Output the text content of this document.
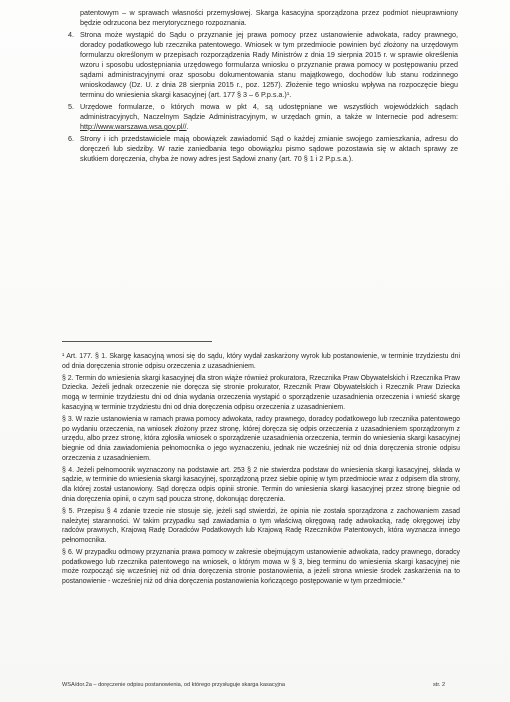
patentowym – w sprawach własności przemysłowej. Skarga kasacyjna sporządzona przez podmiot nieuprawniony będzie odrzucona bez merytorycznego rozpoznania.

4. Strona może wystąpić do Sądu o przyznanie jej prawa pomocy przez ustanowienie adwokata, radcy prawnego, doradcy podatkowego lub rzecznika patentowego. Wniosek w tym przedmiocie powinien być złożony na urzędowym formularzu określonym w przepisach rozporządzenia Rady Ministrów z dnia 19 sierpnia 2015 r. w sprawie określenia wzoru i sposobu udostępniania urzędowego formularza wniosku o przyznanie prawa pomocy w postępowaniu przed sądami administracyjnymi oraz sposobu dokumentowania stanu majątkowego, dochodów lub stanu rodzinnego wnioskodawcy (Dz. U. z dnia 28 sierpnia 2015 r., poz. 1257). Złożenie tego wniosku wpływa na rozpoczęcie biegu terminu do wniesienia skargi kasacyjnej (art. 177 § 3 – 6 P.p.s.a.)¹.

5. Urzędowe formularze, o których mowa w pkt 4, są udostępniane we wszystkich wojewódzkich sądach administracyjnych, Naczelnym Sądzie Administracyjnym, w urzędach gmin, a także w Internecie pod adresem: http://www.warszawa.wsa.gov.pl//.

6. Strony i ich przedstawiciele mają obowiązek zawiadomić Sąd o każdej zmianie swojego zamieszkania, adresu do doręczeń lub siedziby. W razie zaniedbania tego obowiązku pismo sądowe pozostawia się w aktach sprawy ze skutkiem doręczenia, chyba że nowy adres jest Sądowi znany (art. 70 § 1 i 2 P.p.s.a.).

¹ Art. 177. § 1. Skargę kasacyjną wnosi się do sądu, który wydał zaskarżony wyrok lub postanowienie, w terminie trzydziestu dni od dnia doręczenia stronie odpisu orzeczenia z uzasadnieniem.

§ 2. Termin do wniesienia skargi kasacyjnej dla stron wiąże również prokuratora, Rzecznika Praw Obywatelskich i Rzecznika Praw Dziecka. Jeżeli jednak orzeczenie nie doręcza się stronie prokurator, Rzecznik Praw Obywatelskich i Rzecznik Praw Dziecka mogą w terminie trzydziestu dni od dnia wydania orzeczenia wystąpić o sporządzenie uzasadnienia orzeczenia i wnieść skargę kasacyjną w terminie trzydziestu dni od dnia doręczenia odpisu orzeczenia z uzasadnieniem.

§ 3. W razie ustanowienia w ramach prawa pomocy adwokata, radcy prawnego, doradcy podatkowego lub rzecznika patentowego po wydaniu orzeczenia, na wniosek złożony przez stronę, której doręcza się odpis orzeczenia z uzasadnieniem sporządzonym z urzędu, albo przez stronę, która zgłosiła wniosek o sporządzenie uzasadnienia orzeczenia, termin do wniesienia skargi kasacyjnej biegnie od dnia zawiadomienia pełnomocnika o jego wyznaczeniu, jednak nie wcześniej niż od dnia doręczenia stronie odpisu orzeczenia z uzasadnieniem.

§ 4. Jeżeli pełnomocnik wyznaczony na podstawie art. 253 § 2 nie stwierdza podstaw do wniesienia skargi kasacyjnej, składa w sądzie, w terminie do wniesienia skargi kasacyjnej, sporządzoną przez siebie opinię w tym przedmiocie wraz z odpisem dla strony, dla której został ustanowiony. Sąd doręcza odpis opinii stronie. Termin do wniesienia skargi kasacyjnej przez stronę biegnie od dnia doręczenia opinii, o czym sąd poucza stronę, dokonując doręczenia.

§ 5. Przepisu § 4 zdanie trzecie nie stosuje się, jeżeli sąd stwierdzi, że opinia nie została sporządzona z zachowaniem zasad należytej staranności. W takim przypadku sąd zawiadamia o tym właściwą okręgową radę adwokacką, radę okręgowej izby radców prawnych, Krajową Radę Doradców Podatkowych lub Krajową Radę Rzeczników Patentowych, która wyznacza innego pełnomocnika.

§ 6. W przypadku odmowy przyznania prawa pomocy w zakresie obejmującym ustanowienie adwokata, radcy prawnego, doradcy podatkowego lub rzecznika patentowego na wniosek, o którym mowa w § 3, bieg terminu do wniesienia skargi kasacyjnej nie może rozpocząć się wcześniej niż od dnia doręczenia stronie postanowienia, a jeżeli strona wniesie środek zaskarżenia na to postanowienie - wcześniej niż od dnia doręczenia postanowienia kończącego postępowanie w tym przedmiocie."

WSA/dor.2a – doręczenie odpisu postanowienia, od którego przysługuje skarga kasacyjna	str. 2
